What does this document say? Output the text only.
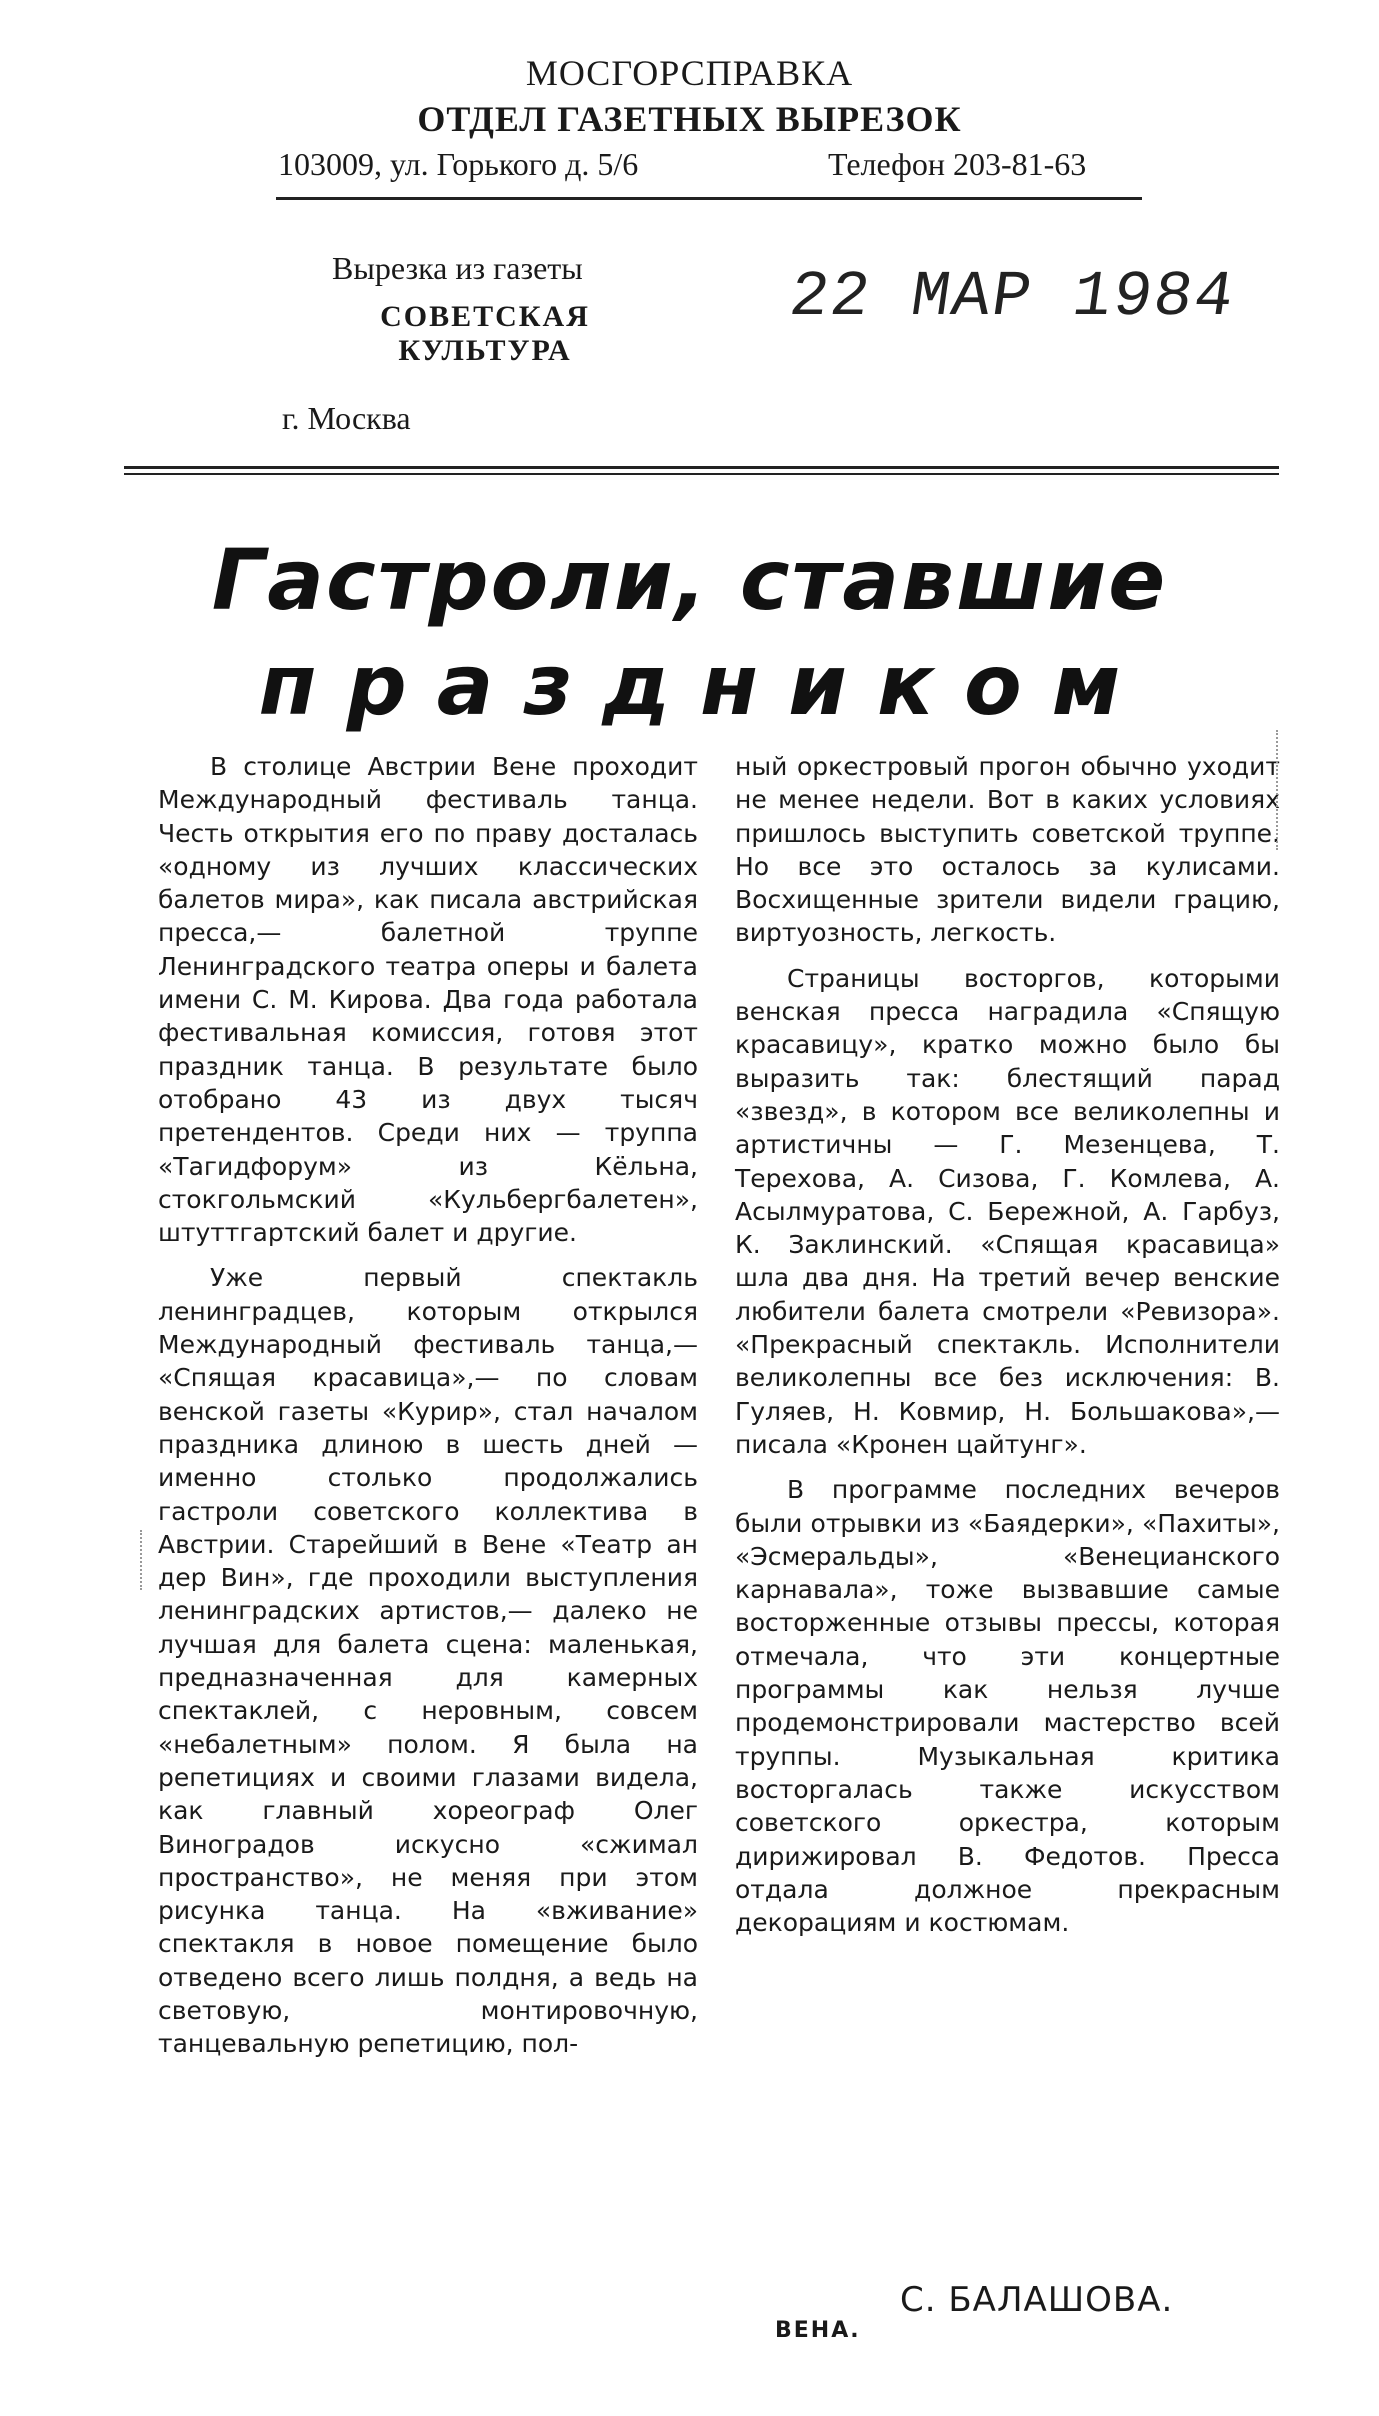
МОСГОРСПРАВКА
ОТДЕЛ ГАЗЕТНЫХ ВЫРЕЗОК
103009, ул. Горького д. 5/6	Телефон 203-81-63
Вырезка из газеты
СОВЕТСКАЯ КУЛЬТУРА
22 МАР 1984
г. Москва
Гастроли, ставшие
праздником

В столице Австрии Вене проходит Международный фестиваль танца. Честь открытия его по праву досталась «одному из лучших классических балетов мира», как писала австрийская пресса,— балетной труппе Ленинградского театра оперы и балета имени С. М. Кирова. Два года работала фестивальная комиссия, готовя этот праздник танца. В результате было отобрано 43 из двух тысяч претендентов. Среди них — труппа «Тагидфорум» из Кёльна, стокгольмский «Кульбергбалетен», штуттгартский балет и другие.

Уже первый спектакль ленинградцев, которым открылся Международный фестиваль танца,— «Спящая красавица»,— по словам венской газеты «Курир», стал началом праздника длиною в шесть дней — именно столько продолжались гастроли советского коллектива в Австрии. Старейший в Вене «Театр ан дер Вин», где проходили выступления ленинградских артистов,— далеко не лучшая для балета сцена: маленькая, предназначенная для камерных спектаклей, с неровным, совсем «небалетным» полом. Я была на репетициях и своими глазами видела, как главный хореограф Олег Виноградов искусно «сжимал пространство», не меняя при этом рисунка танца. На «вживание» спектакля в новое помещение было отведено всего лишь полдня, а ведь на световую, монтировочную, танцевальную репетицию, пол-

ный оркестровый прогон обычно уходит не менее недели. Вот в каких условиях пришлось выступить советской труппе. Но все это осталось за кулисами. Восхищенные зрители видели грацию, виртуозность, легкость.

Страницы восторгов, которыми венская пресса наградила «Спящую красавицу», кратко можно было бы выразить так: блестящий парад «звезд», в котором все великолепны и артистичны — Г. Мезенцева, Т. Терехова, А. Сизова, Г. Комлева, А. Асылмуратова, С. Бережной, А. Гарбуз, К. Заклинский. «Спящая красавица» шла два дня. На третий вечер венские любители балета смотрели «Ревизора». «Прекрасный спектакль. Исполнители великолепны все без исключения: В. Гуляев, Н. Ковмир, Н. Большакова»,— писала «Кронен цайтунг».

В программе последних вечеров были отрывки из «Баядерки», «Пахиты», «Эсмеральды», «Венецианского карнавала», тоже вызвавшие самые восторженные отзывы прессы, которая отмечала, что эти концертные программы как нельзя лучше продемонстрировали мастерство всей труппы. Музыкальная критика восторгалась также искусством советского оркестра, которым дирижировал В. Федотов. Пресса отдала должное прекрасным декорациям и костюмам.

С. БАЛАШОВА.
ВЕНА.
